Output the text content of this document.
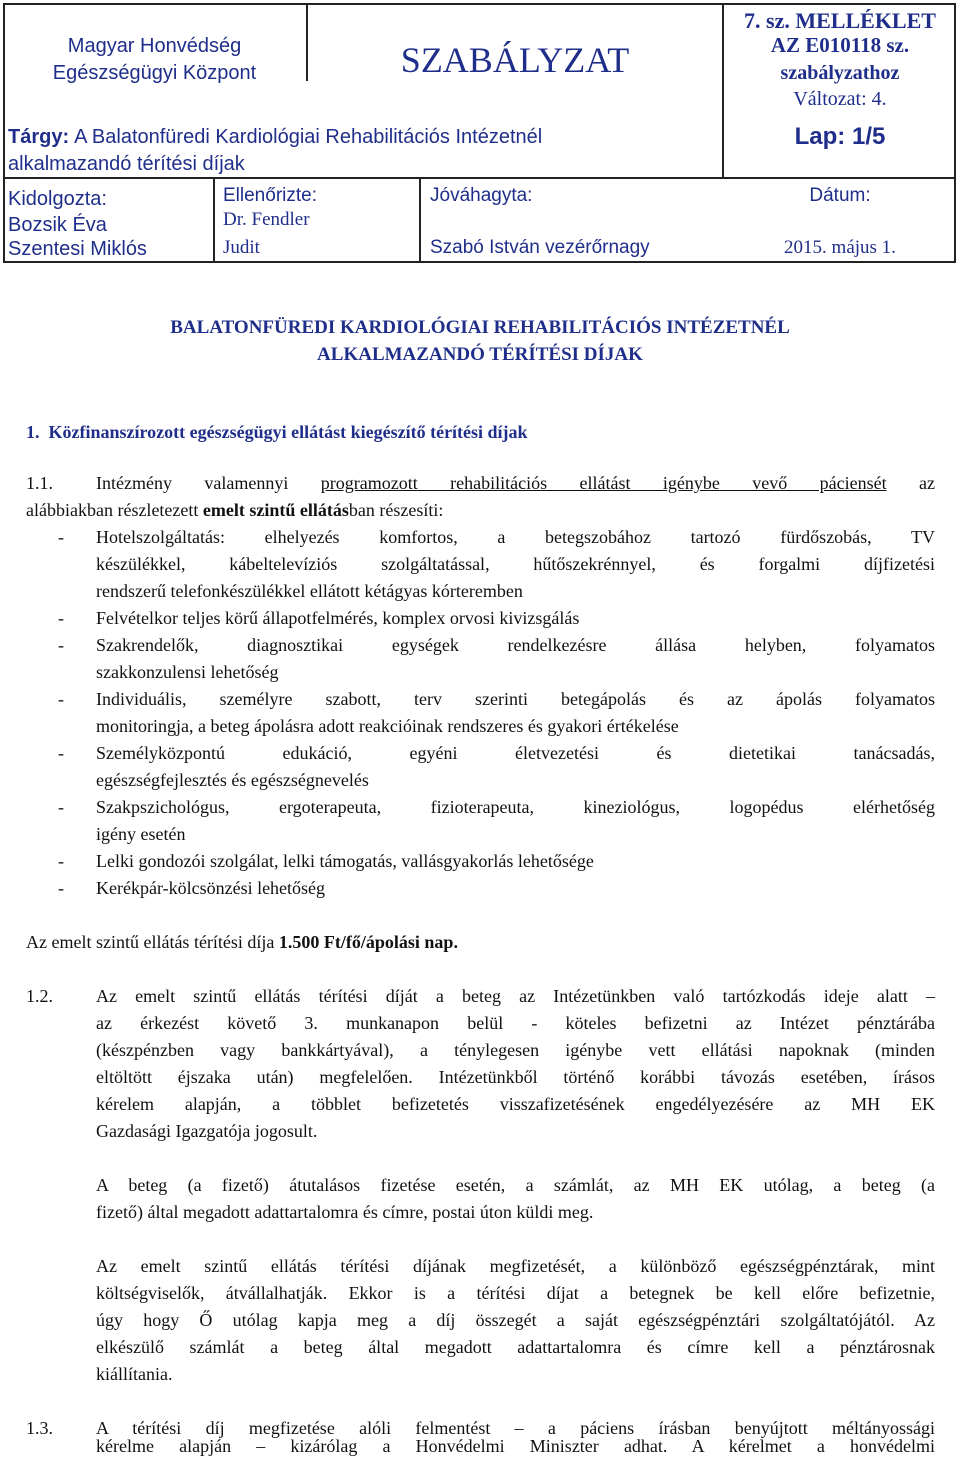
Magyar Honvédség
Egészségügyi Központ	SZABÁLYZAT
7. sz. MELLÉKLET
AZ E010118 sz.
szabályzathoz
Változat: 4.
Tárgy: A Balatonfüredi Kardiológiai Rehabilitációs Intézetnél
alkalmazandó térítési díjak
Lap: 1/5
Kidolgozta:
Bozsik Éva
Szentesi Miklós
Ellenőrizte:
Dr. Fendler
Judit
Jóváhagyta:
Szabó István vezérőrnagy
Dátum:
2015. május 1.
BALATONFÜREDI KARDIOLÓGIAI REHABILITÁCIÓS INTÉZETNÉL
ALKALMAZANDÓ TÉRÍTÉSI DÍJAK
1.  Közfinanszírozott egészségügyi ellátást kiegészítő térítési díjak
1.1. Intézmény valamennyi programozott rehabilitációs ellátást igénybe vevő páciensét az
alábbiakban részletezett emelt szintű ellátásban részesíti:
- Hotelszolgáltatás: elhelyezés komfortos, a betegszobához tartozó fürdőszobás, TV
készülékkel, kábeltelevíziós szolgáltatással, hűtőszekrénnyel, és forgalmi díjfizetési
rendszerű telefonkészülékkel ellátott kétágyas kórteremben
- Felvételkor teljes körű állapotfelmérés, komplex orvosi kivizsgálás
- Szakrendelők, diagnosztikai egységek rendelkezésre állása helyben, folyamatos
szakkonzulensi lehetőség
- Individuális, személyre szabott, terv szerinti betegápolás és az ápolás folyamatos
monitoringja, a beteg ápolásra adott reakcióinak rendszeres és gyakori értékelése
- Személyközpontú edukáció, egyéni életvezetési és dietetikai tanácsadás,
egészségfejlesztés és egészségnevelés
- Szakpszichológus, ergoterapeuta, fizioterapeuta, kineziológus, logopédus elérhetőség
igény esetén
- Lelki gondozói szolgálat, lelki támogatás, vallásgyakorlás lehetősége
- Kerékpár-kölcsönzési lehetőség
Az emelt szintű ellátás térítési díja 1.500 Ft/fő/ápolási nap.
1.2. Az emelt szintű ellátás térítési díját a beteg az Intézetünkben való tartózkodás ideje alatt –
az érkezést követő 3. munkanapon belül - köteles befizetni az Intézet pénztárába
(készpénzben vagy bankkártyával), a ténylegesen igénybe vett ellátási napoknak (minden
eltöltött éjszaka után) megfelelően. Intézetünkből történő korábbi távozás esetében, írásos
kérelem alapján, a többlet befizetetés visszafizetésének engedélyezésére az MH EK
Gazdasági Igazgatója jogosult.
A beteg (a fizető) átutalásos fizetése esetén, a számlát, az MH EK utólag, a beteg (a
fizető) által megadott adattartalomra és címre, postai úton küldi meg.
Az emelt szintű ellátás térítési díjának megfizetését, a különböző egészségpénztárak, mint
költségviselők, átvállalhatják. Ekkor is a térítési díjat a betegnek be kell előre befizetnie,
úgy hogy Ő utólag kapja meg a díj összegét a saját egészségpénztári szolgáltatójától. Az
elkészülő számlát a beteg által megadott adattartalomra és címre kell a pénztárosnak
kiállítania.
1.3. A térítési díj megfizetése alóli felmentést – a páciens írásban benyújtott méltányossági
kérelme alapján – kizárólag a Honvédelmi Miniszter adhat. A kérelmet a honvédelmi
